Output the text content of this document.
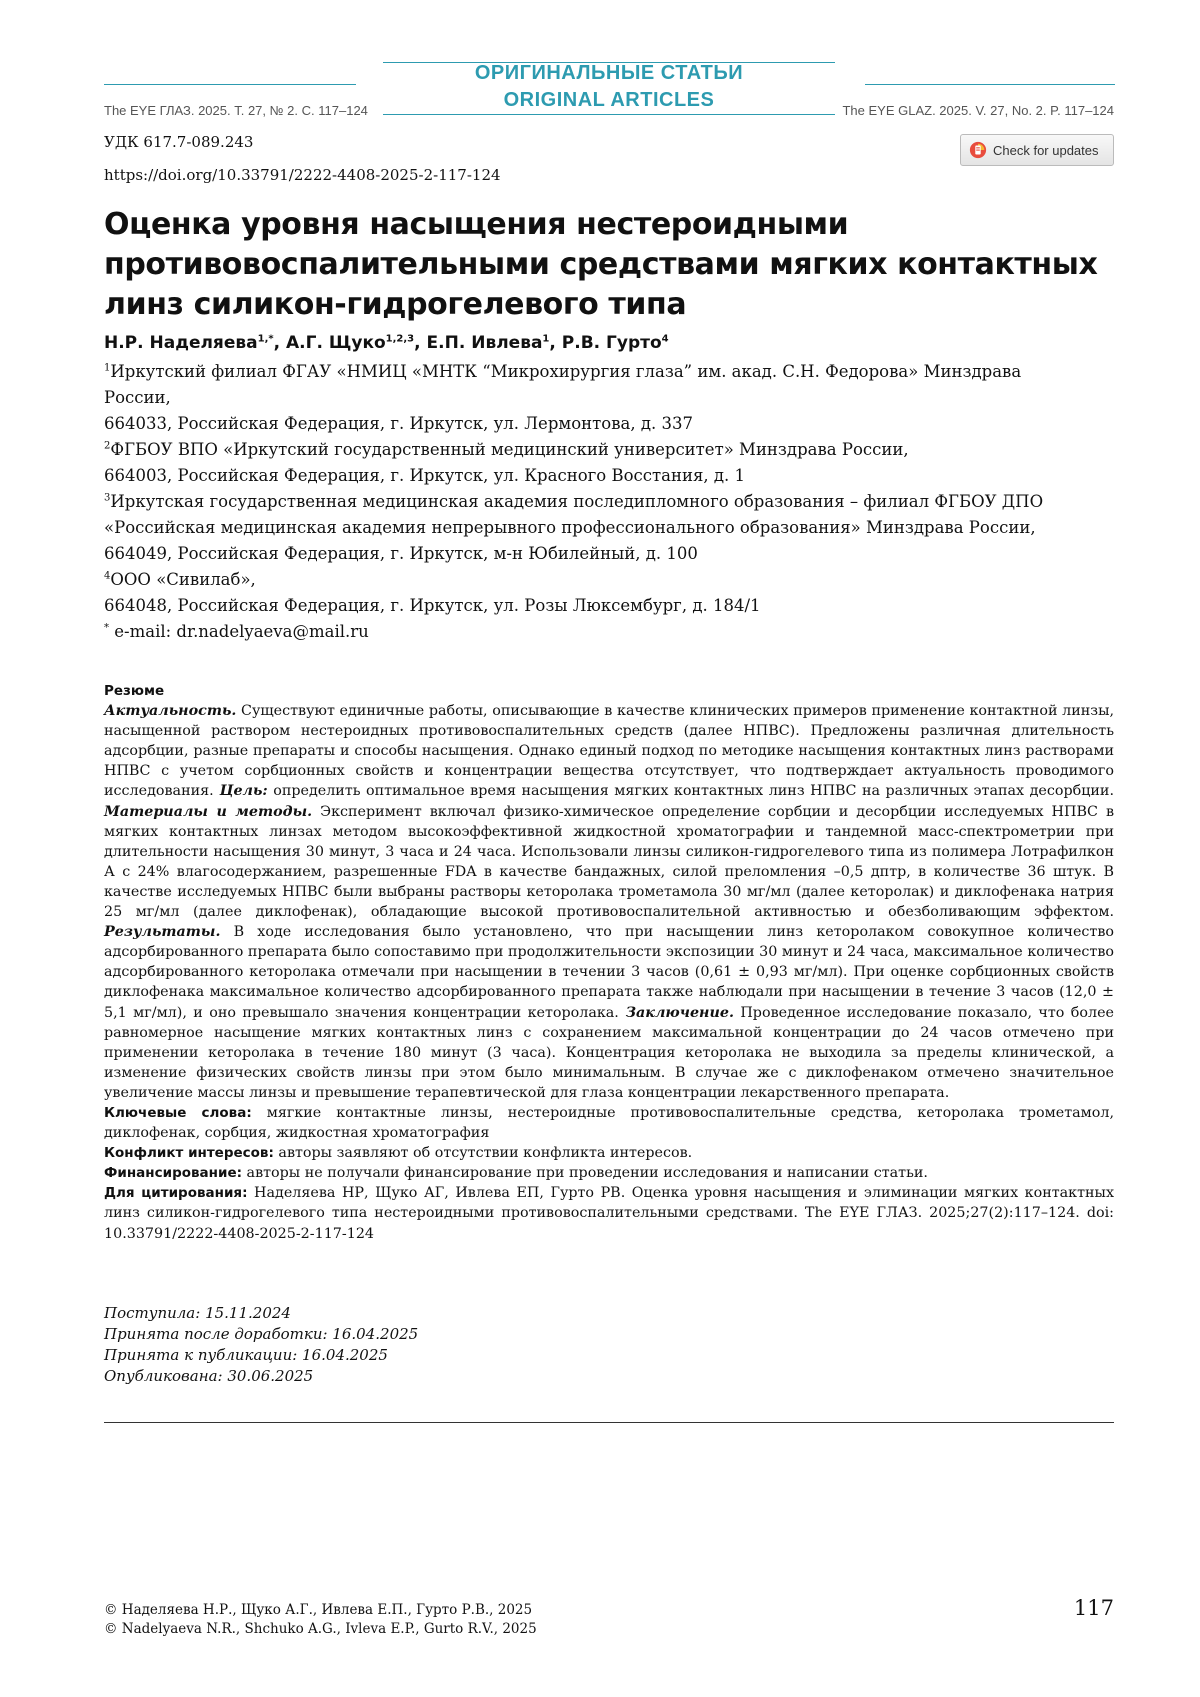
ОРИГИНАЛЬНЫЕ СТАТЬИ
ORIGINAL ARTICLES
The EYE ГЛАЗ. 2025. Т. 27, № 2. С. 117–124	The EYE GLAZ. 2025. V. 27, No. 2. P. 117–124
Check for updates
УДК 617.7-089.243
https://doi.org/10.33791/2222-4408-2025-2-117-124
Оценка уровня насыщения нестероидными
противовоспалительными средствами мягких контактных
линз силикон-гидрогелевого типа
Н.Р. Наделяева1,*, А.Г. Щуко1,2,3, Е.П. Ивлева1, Р.В. Гурто4

1Иркутский филиал ФГАУ «НМИЦ «МНТК “Микрохирургия глаза” им. акад. С.Н. Федорова» Минздрава России,

664033, Российская Федерация, г. Иркутск, ул. Лермонтова, д. 337

2ФГБОУ ВПО «Иркутский государственный медицинский университет» Минздрава России,

664003, Российская Федерация, г. Иркутск, ул. Красного Восстания, д. 1

3Иркутская государственная медицинская академия последипломного образования – филиал ФГБОУ ДПО «Российская медицинская академия непрерывного профессионального образования» Минздрава России,

664049, Российская Федерация, г. Иркутск, м-н Юбилейный, д. 100

4ООО «Сивилаб»,

664048, Российская Федерация, г. Иркутск, ул. Розы Люксембург, д. 184/1

* e-mail: dr.nadelyaeva@mail.ru

Резюме

Актуальность. Существуют единичные работы, описывающие в качестве клинических примеров применение контактной линзы, насыщенной раствором нестероидных противовоспалительных средств (далее НПВС). Предложены различная длительность адсорбции, разные препараты и способы насыщения. Однако единый подход по методике насыщения контактных линз растворами НПВС с учетом сорбционных свойств и концентрации вещества отсутствует, что подтверждает актуальность проводимого исследования. Цель: определить оптимальное время насыщения мягких контактных линз НПВС на различных этапах десорбции. Материалы и методы. Эксперимент включал физико-химическое определение сорбции и десорбции исследуемых НПВС в мягких контактных линзах методом высокоэффективной жидкостной хроматографии и тандемной масс-спектрометрии при длительности насыщения 30 минут, 3 часа и 24 часа. Использовали линзы силикон-гидрогелевого типа из полимера Лотрафилкон А с 24% влагосодержанием, разрешенные FDA в качестве бандажных, силой преломления –0,5 дптр, в количестве 36 штук. В качестве исследуемых НПВС были выбраны растворы кеторолака трометамола 30 мг/мл (далее кеторолак) и диклофенака натрия 25 мг/мл (далее диклофенак), обладающие высокой противовоспалительной активностью и обезболивающим эффектом. Результаты. В ходе исследования было установлено, что при насыщении линз кеторолаком совокупное количество адсорбированного препарата было сопоставимо при продолжительности экспозиции 30 минут и 24 часа, максимальное количество адсорбированного кеторолака отмечали при насыщении в течении 3 часов (0,61 ± 0,93 мг/мл). При оценке сорбционных свойств диклофенака максимальное количество адсорбированного препарата также наблюдали при насыщении в течение 3 часов (12,0 ± 5,1 мг/мл), и оно превышало значения концентрации кеторолака. Заключение. Проведенное исследование показало, что более равномерное насыщение мягких контактных линз с сохранением максимальной концентрации до 24 часов отмечено при применении кеторолака в течение 180 минут (3 часа). Концентрация кеторолака не выходила за пределы клинической, а изменение физических свойств линзы при этом было минимальным. В случае же с диклофенаком отмечено значительное увеличение массы линзы и превышение терапевтической для глаза концентрации лекарственного препарата.

Ключевые слова: мягкие контактные линзы, нестероидные противовоспалительные средства, кеторолака трометамол, диклофенак, сорбция, жидкостная хроматография

Конфликт интересов: авторы заявляют об отсутствии конфликта интересов.

Финансирование: авторы не получали финансирование при проведении исследования и написании статьи.

Для цитирования: Наделяева НР, Щуко АГ, Ивлева ЕП, Гурто РВ. Оценка уровня насыщения и элиминации мягких контактных линз силикон-гидрогелевого типа нестероидными противовоспалительными средствами. The EYE ГЛАЗ. 2025;27(2):117–124. doi: 10.33791/2222-4408-2025-2-117-124

Поступила: 15.11.2024
Принята после доработки: 16.04.2025
Принята к публикации: 16.04.2025
Опубликована: 30.06.2025
© Наделяева Н.Р., Щуко А.Г., Ивлева Е.П., Гурто Р.В., 2025
© Nadelyaeva N.R., Shchuko A.G., Ivleva E.P., Gurto R.V., 2025
117
